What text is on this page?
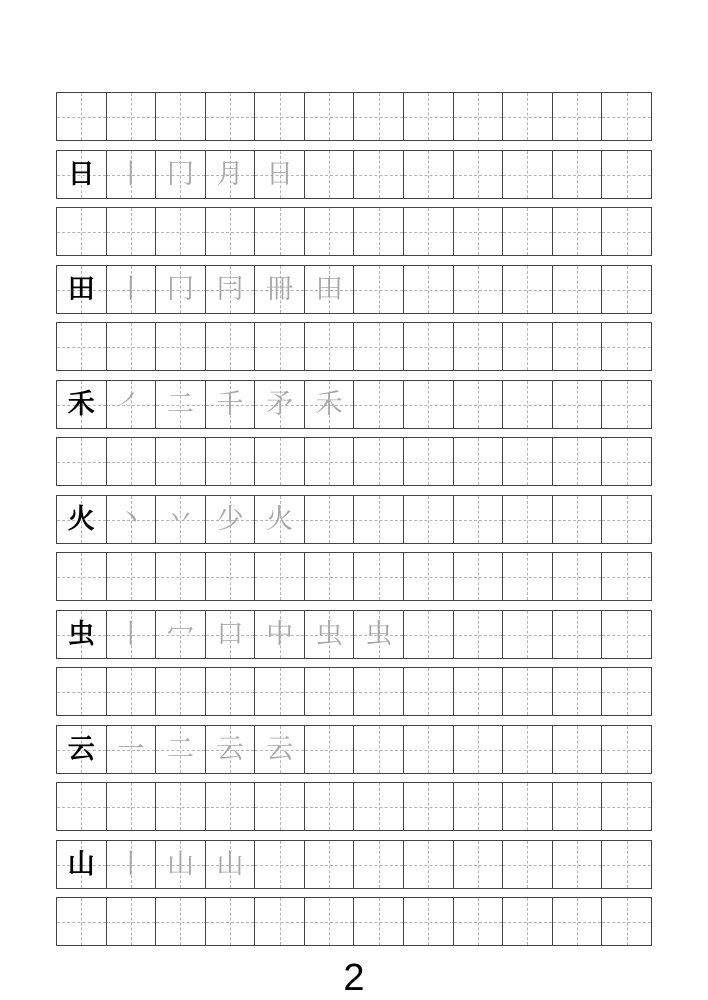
日 丨 冂 月 日
田 丨 冂 冃 冊 田
禾 ㇒ 二 千 矛 禾
火 丶 丷 少 火
虫 丨 冖 口 中 虫 虫
云 一 二 云 云
山 丨 山 山
2
